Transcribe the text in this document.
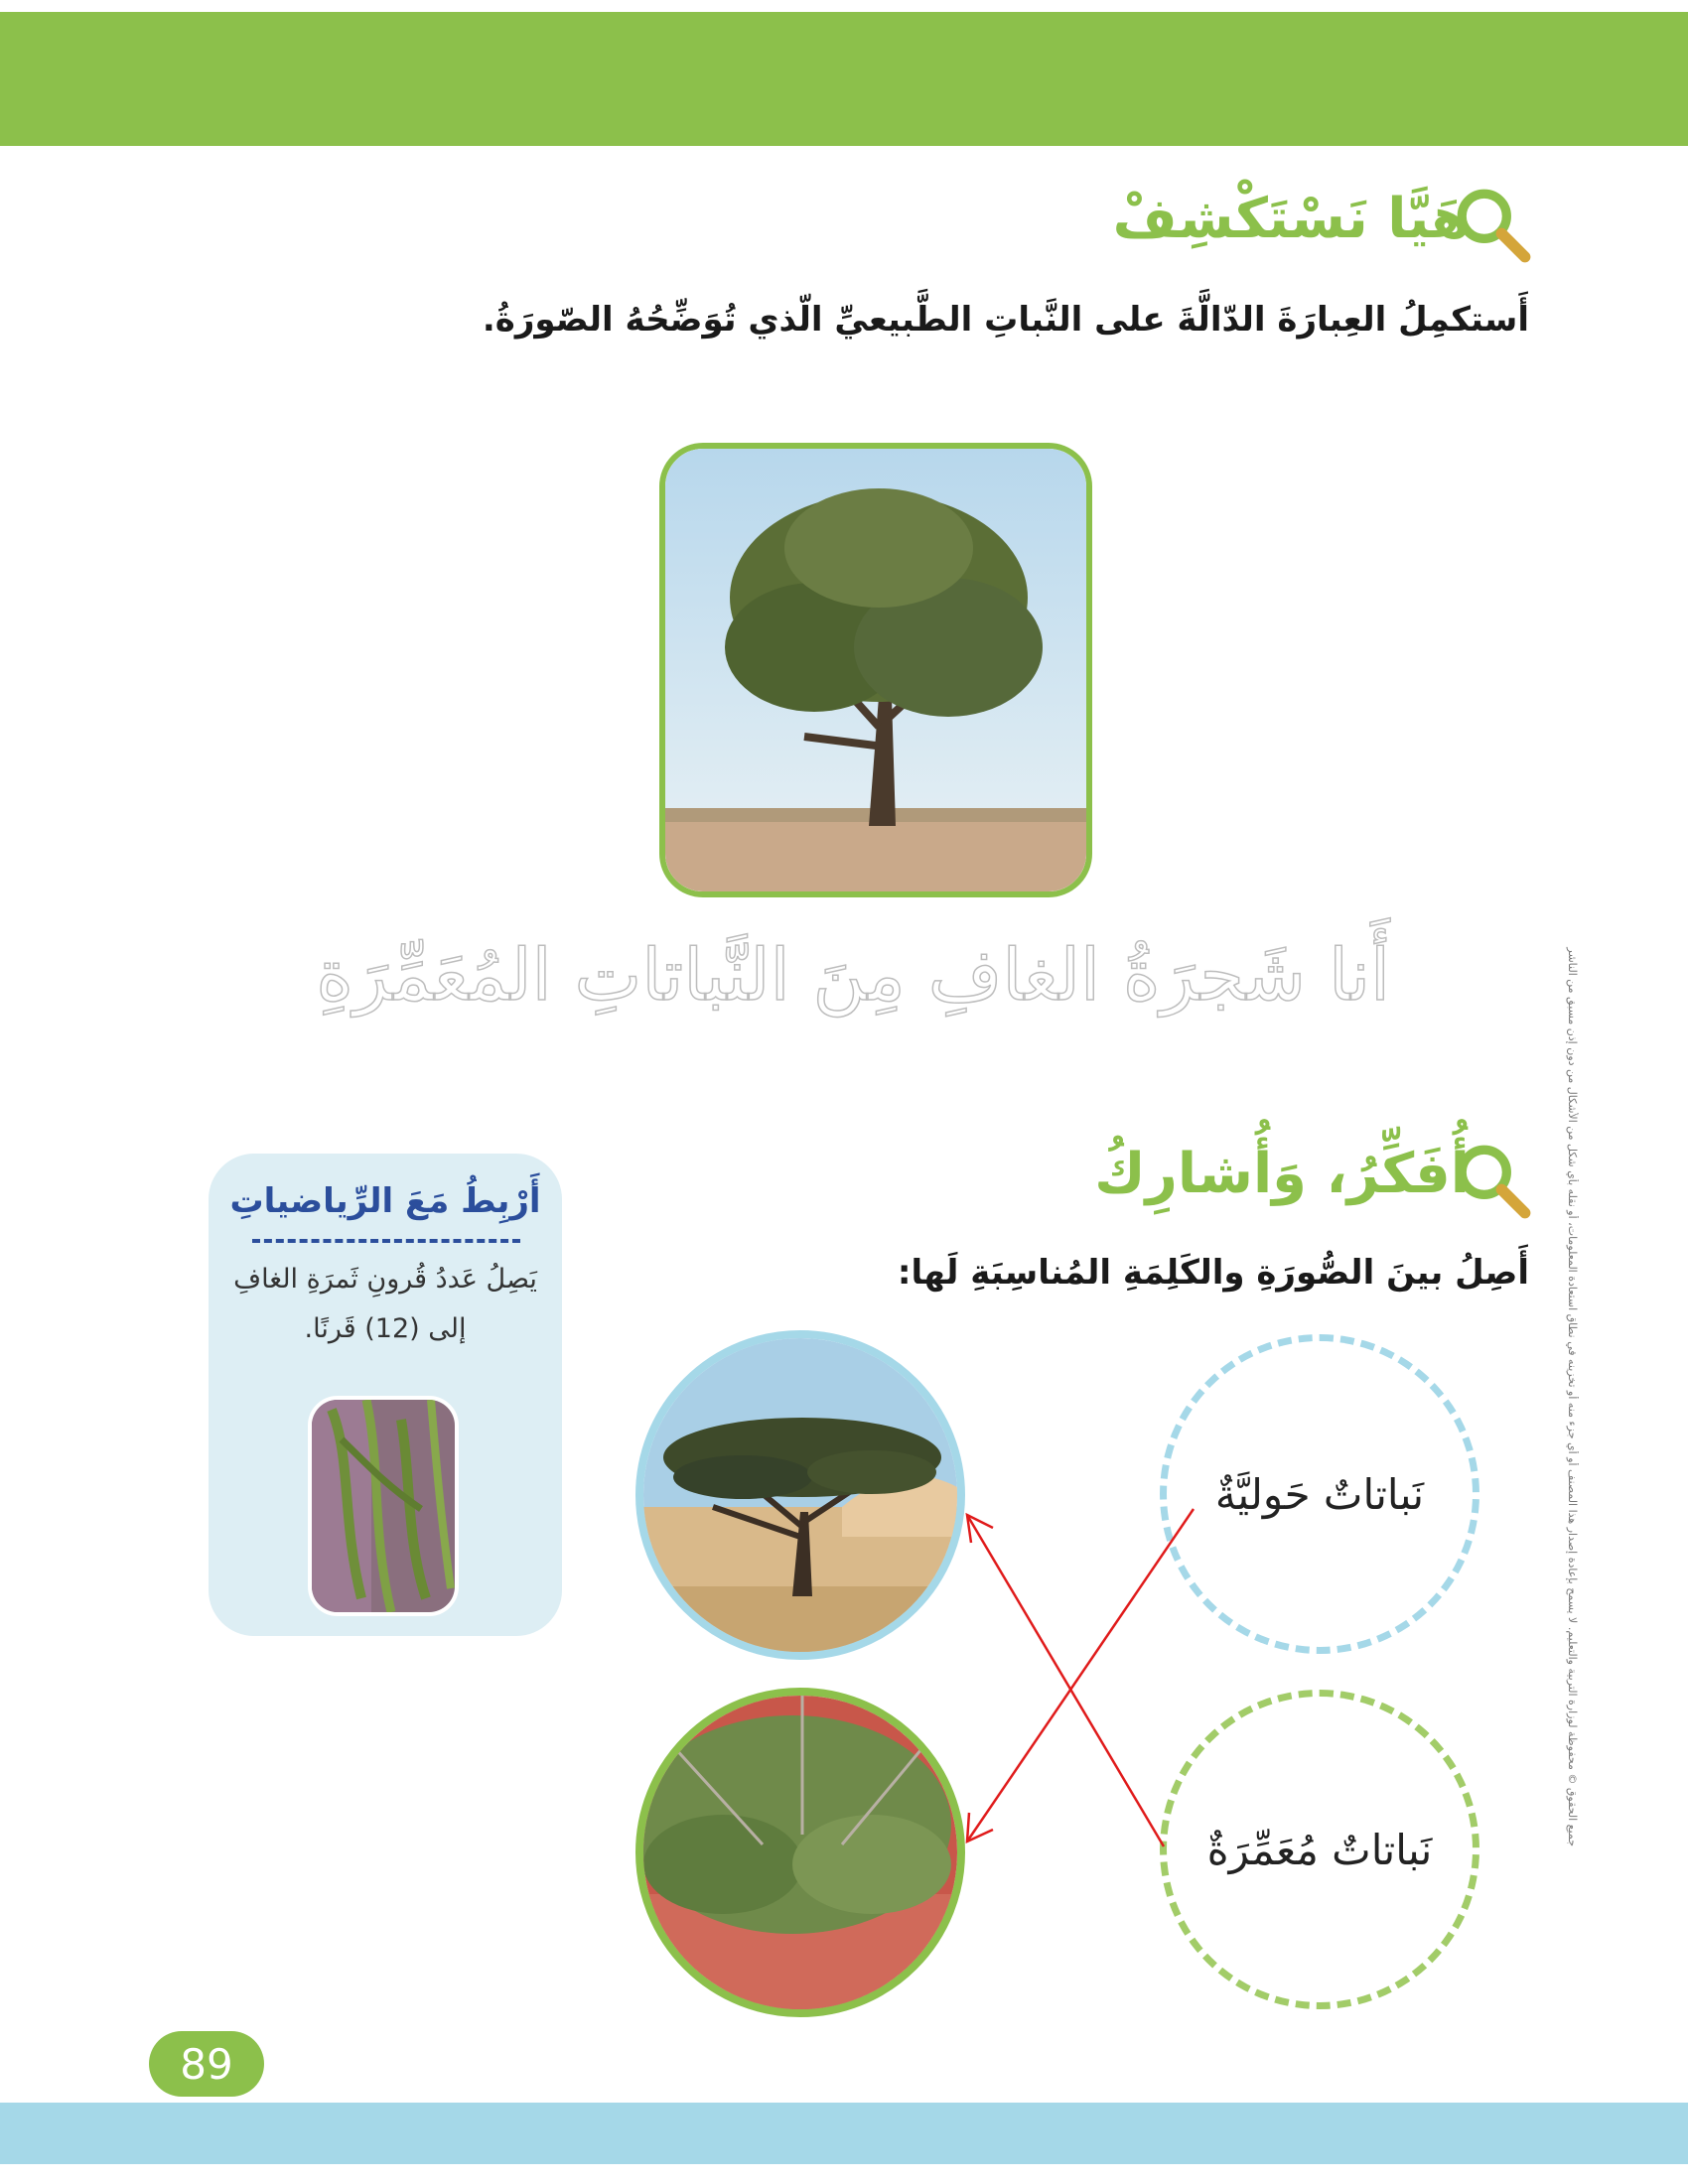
هَيَّا نَسْتَكْشِفْ
أَستكمِلُ العِبارَةَ الدّالَّةَ على النَّباتِ الطَّبيعيِّ الّذي تُوَضِّحُهُ الصّورَةُ.
أَنا شَجرَةُ الغافِ مِنَ النَّباتاتِ المُعَمِّرَةِ	جميع الحقوق © محفوظة لوزارة التربية والتعليم. لا يسمح بإعادة إصدار هذا المصنف أو أي جزء منه أو تخزينه في نطاق استعادة المعلومات، أو نقله بأي شكل من الأشكال من دون إذن مسبق من الناشر
أُفَكِّرُ، وَأُشارِكُ
أَصِلُ بينَ الصُّورَةِ والكَلِمَةِ المُناسِبَةِ لَها:
أَرْبِطُ مَعَ الرِّياضياتِ
يَصِلُ عَددُ قُرونِ ثَمرَةِ الغافِ إلى (12) قَرنًا.
نَباتاتٌ حَوليَّةٌ
نَباتاتٌ مُعَمِّرَةٌ
89
